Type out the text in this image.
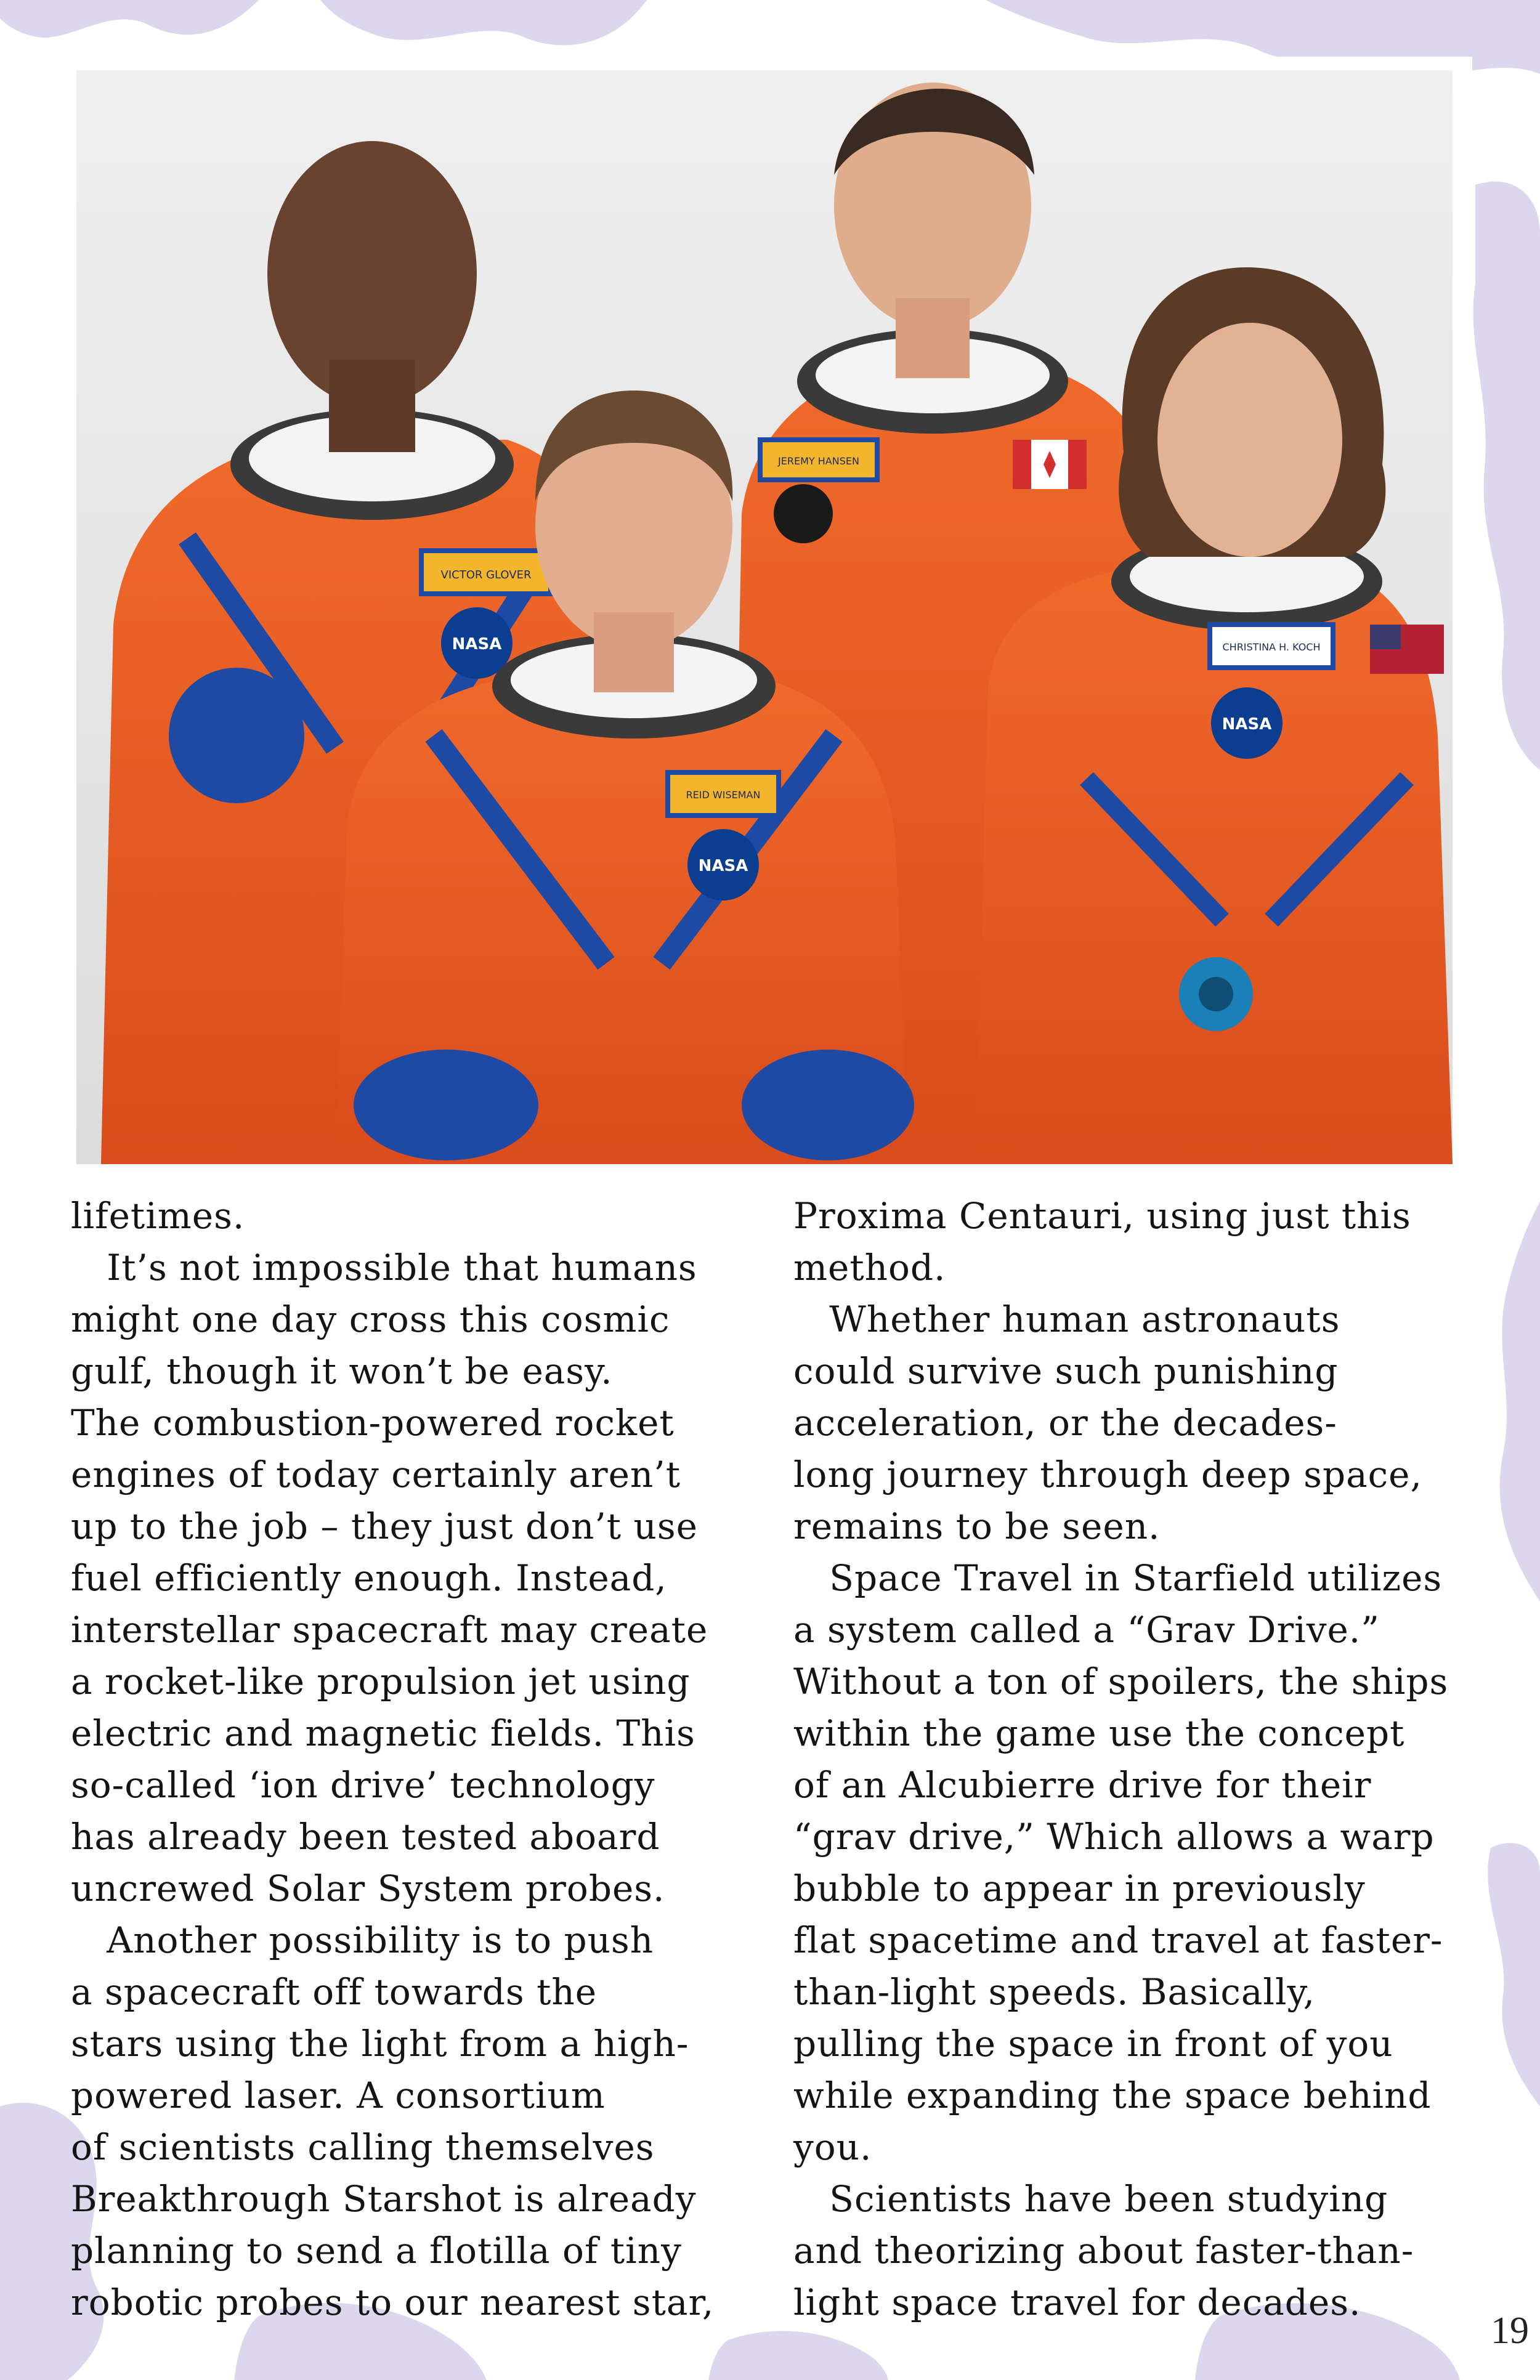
VICTOR GLOVER
NASA
JEREMY HANSEN
CHRISTINA H. KOCH
NASA
REID WISEMAN
NASA
lifetimes.
It’s not impossible that humans
might one day cross this cosmic
gulf, though it won’t be easy.
The combustion-powered rocket
engines of today certainly aren’t
up to the job – they just don’t use
fuel efficiently enough. Instead,
interstellar spacecraft may create
a rocket-like propulsion jet using
electric and magnetic fields. This
so-called ‘ion drive’ technology
has already been tested aboard
uncrewed Solar System probes.
Another possibility is to push
a spacecraft off towards the
stars using the light from a high-
powered laser. A consortium
of scientists calling themselves
Breakthrough Starshot is already
planning to send a flotilla of tiny
robotic probes to our nearest star,
Proxima Centauri, using just this
method.
Whether human astronauts
could survive such punishing
acceleration, or the decades-
long journey through deep space,
remains to be seen.
Space Travel in Starfield utilizes
a system called a “Grav Drive.”
Without a ton of spoilers, the ships
within the game use the concept
of an Alcubierre drive for their
“grav drive,” Which allows a warp
bubble to appear in previously
flat spacetime and travel at faster-
than-light speeds. Basically,
pulling the space in front of you
while expanding the space behind
you.
Scientists have been studying
and theorizing about faster-than-
light space travel for decades.
19
